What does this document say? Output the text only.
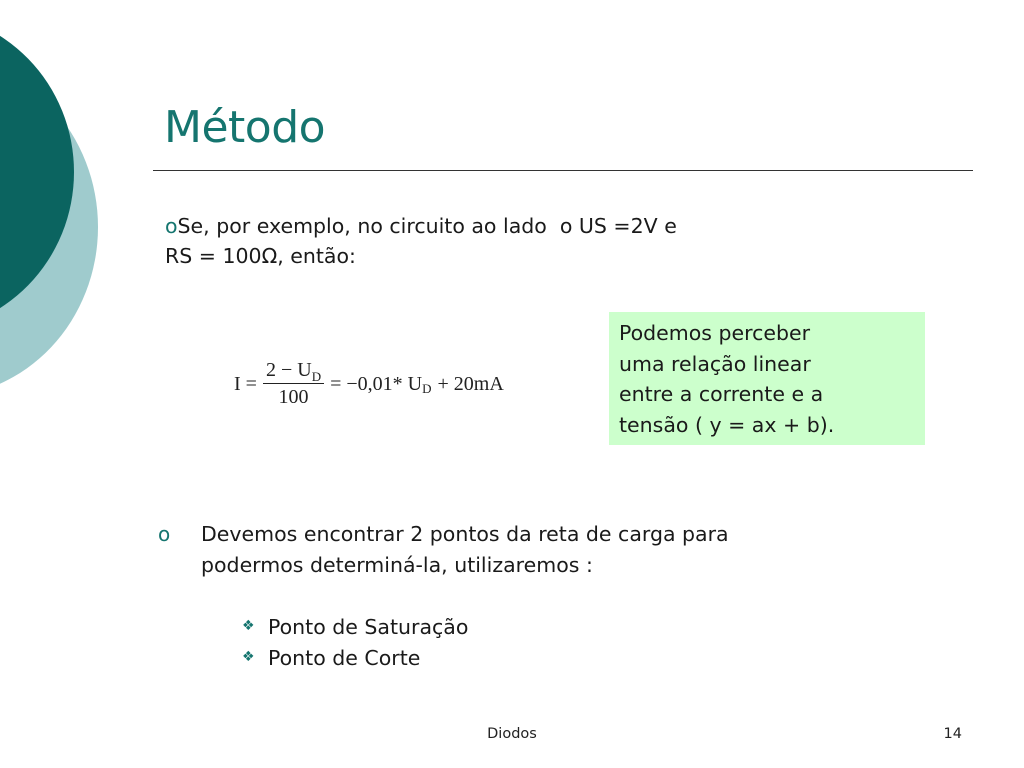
Método
oSe, por exemplo, no circuito ao lado  o US =2V e
RS = 100Ω, então:
$I = \frac{2 - U_D}{100} = -0,01*$ U D + 20mA
Podemos perceber
uma relação linear
entre a corrente e a
tensão ( y = ax + b).
o Devemos encontrar 2 pontos da reta de carga para
podermos determiná-la, utilizaremos :
❖ Ponto de Saturação
❖ Ponto de Corte
Diodos	14
